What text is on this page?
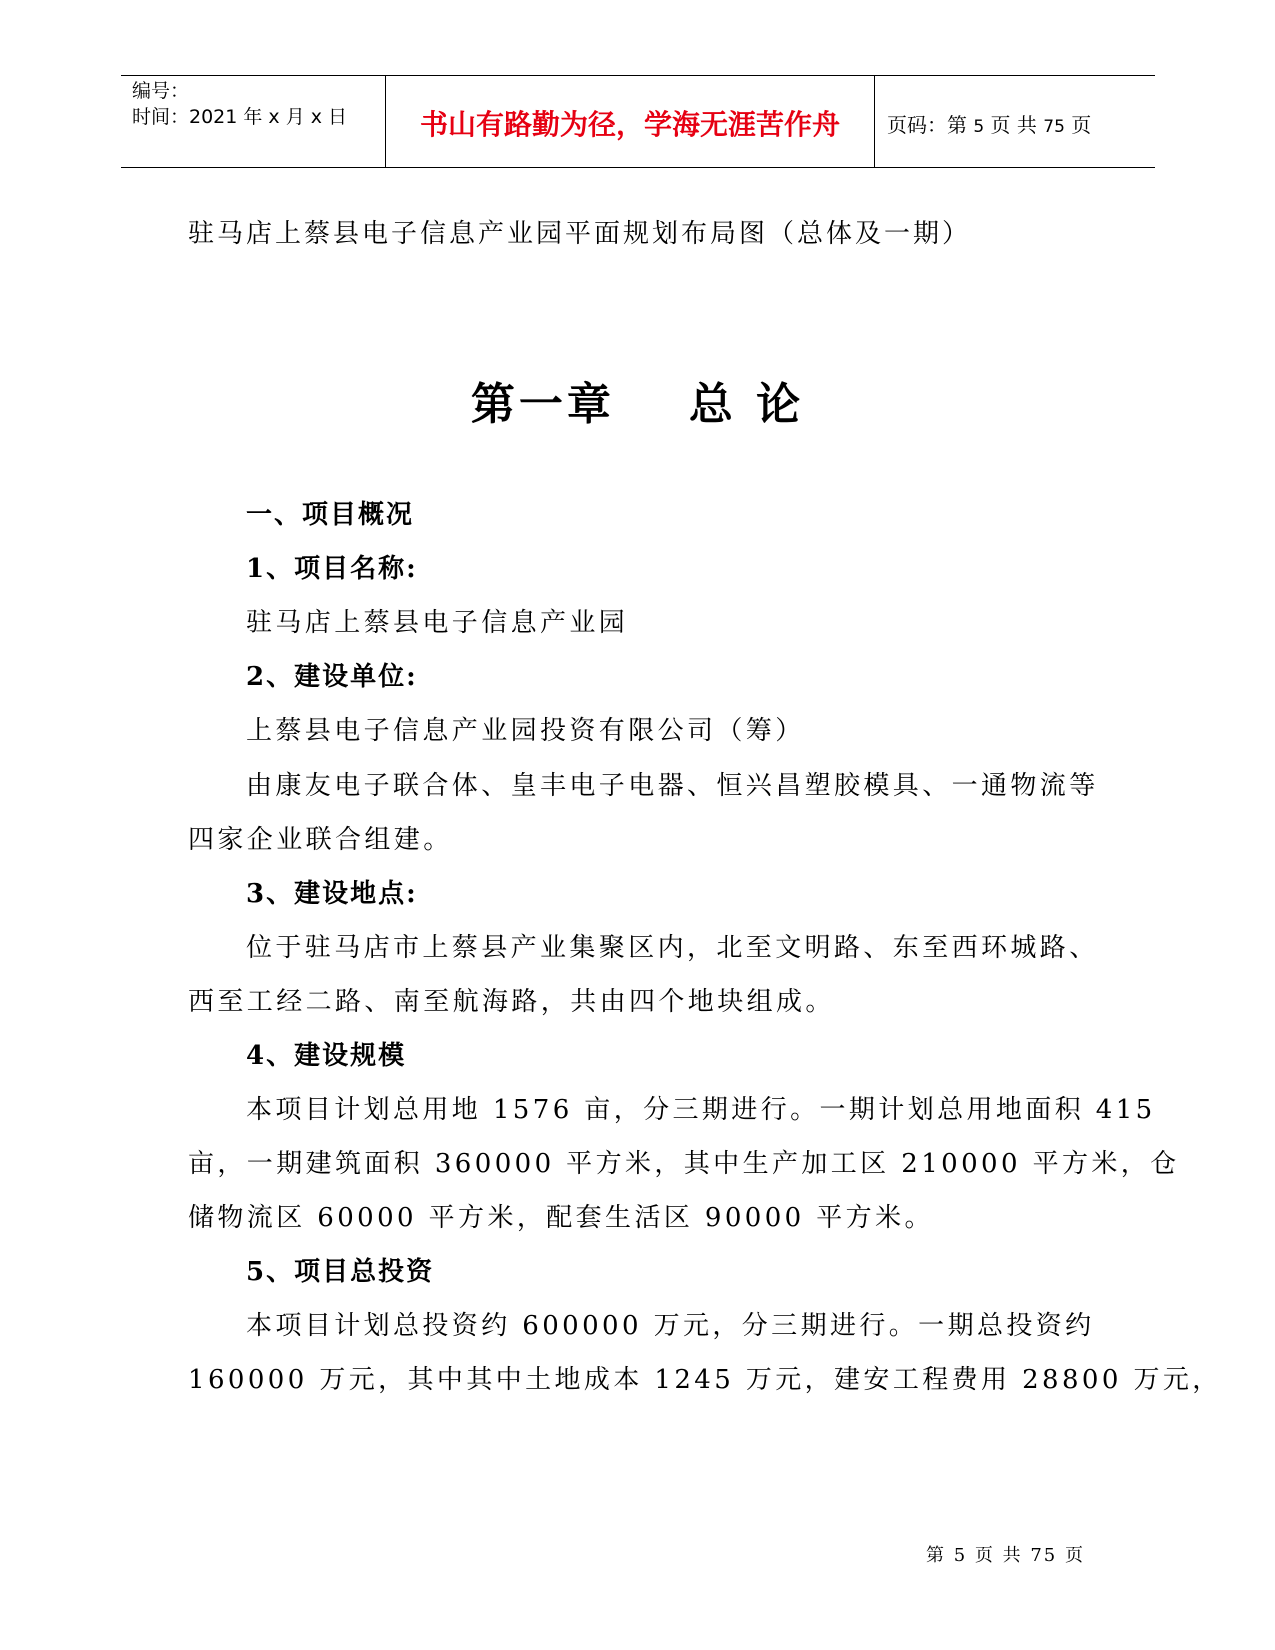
编号：
时间：2021 年 x 月 x 日	书山有路勤为径，学海无涯苦作舟 页码：第 5 页 共 75 页
驻马店上蔡县电子信息产业园平面规划布局图（总体及一期）
第一章 总 论
一、项目概况
1、项目名称:
驻马店上蔡县电子信息产业园
2、建设单位:
上蔡县电子信息产业园投资有限公司（筹）
由康友电子联合体、皇丰电子电器、恒兴昌塑胶模具、一通物流等
四家企业联合组建。
3、建设地点:
位于驻马店市上蔡县产业集聚区内，北至文明路、东至西环城路、
西至工经二路、南至航海路，共由四个地块组成。
4、建设规模
本项目计划总用地 1576 亩，分三期进行。一期计划总用地面积 415
亩，一期建筑面积 360000 平方米，其中生产加工区 210000 平方米，仓
储物流区 60000 平方米，配套生活区 90000 平方米。
5、项目总投资
本项目计划总投资约 600000 万元，分三期进行。一期总投资约
160000 万元，其中其中土地成本 1245 万元，建安工程费用 28800 万元，
第 5 页 共 75 页
